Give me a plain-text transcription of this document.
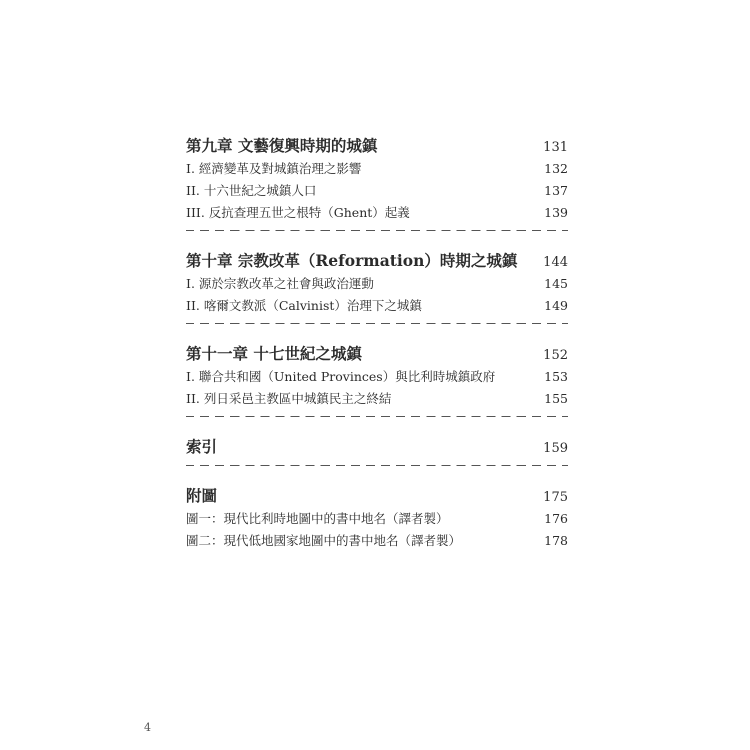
第九章 文藝復興時期的城鎮	131
I. 經濟變革及對城鎮治理之影響	132
II. 十六世紀之城鎮人口	137
III. 反抗查理五世之根特（Ghent）起義	139
第十章 宗教改革（Reformation）時期之城鎮 144
I. 源於宗教改革之社會與政治運動	145
II. 喀爾文教派（Calvinist）治理下之城鎮	149
第十一章 十七世紀之城鎮	152
I. 聯合共和國（United Provinces）與比利時城鎮政府	153
II. 列日采邑主教區中城鎮民主之終結	155
索引	159
附圖	175
圖一：現代比利時地圖中的書中地名（譯者製）	176
圖二：現代低地國家地圖中的書中地名（譯者製）	178
4
